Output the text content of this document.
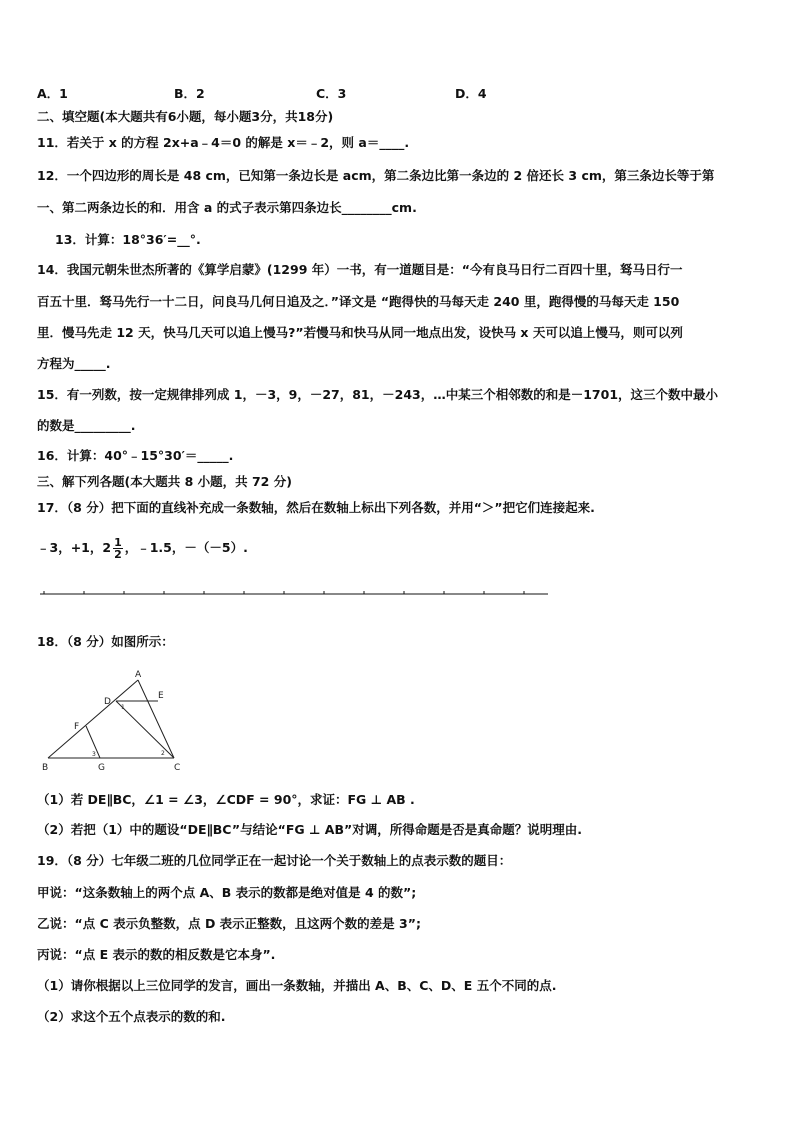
A．1	B．2	C．3	D．4
二、填空题(本大题共有6小题，每小题3分，共18分)
11．若关于 x 的方程 2x+a﹣4＝0 的解是 x＝﹣2，则 a＝____.
12．一个四边形的周长是 48 cm，已知第一条边长是 acm，第二条边比第一条边的 2 倍还长 3 cm，第三条边长等于第
一、第二两条边长的和．用含 a 的式子表示第四条边长________cm.
13．计算：18°36′=__°.
14．我国元朝朱世杰所著的《算学启蒙》(1299 年）一书，有一道题目是：“今有良马日行二百四十里，驽马日行一
百五十里．驽马先行一十二日，问良马几何日追及之．”译文是 “跑得快的马每天走 240 里，跑得慢的马每天走 150
里．慢马先走 12 天，快马几天可以追上慢马?”若慢马和快马从同一地点出发，设快马 x 天可以追上慢马，则可以列
方程为_____.
15．有一列数，按一定规律排列成 1，－3，9，－27，81，－243，…中某三个相邻数的和是－1701，这三个数中最小
的数是_________.
16．计算：40°﹣15°30′＝_____.
三、解下列各题(本大题共 8 小题，共 72 分)
17．（8 分）把下面的直线补充成一条数轴，然后在数轴上标出下列各数，并用“＞”把它们连接起来.
﹣3，+1，$2 \frac{1}{2}$ ，﹣1.5，－（－5）.
18．（8 分）如图所示：
A
B	C
D
E
F
G
1
2
3
（1）若 DE∥BC，∠1 = ∠3，∠CDF = 90°，求证：FG ⊥ AB .
（2）若把（1）中的题设“DE∥BC”与结论“FG ⊥ AB”对调，所得命题是否是真命题？说明理由.
19．（8 分）七年级二班的几位同学正在一起讨论一个关于数轴上的点表示数的题目：
甲说：“这条数轴上的两个点 A、B 表示的数都是绝对值是 4 的数”;
乙说：“点 C 表示负整数，点 D 表示正整数，且这两个数的差是 3”;
丙说：“点 E 表示的数的相反数是它本身”.
（1）请你根据以上三位同学的发言，画出一条数轴，并描出 A、B、C、D、E 五个不同的点.
（2）求这个五个点表示的数的和.
